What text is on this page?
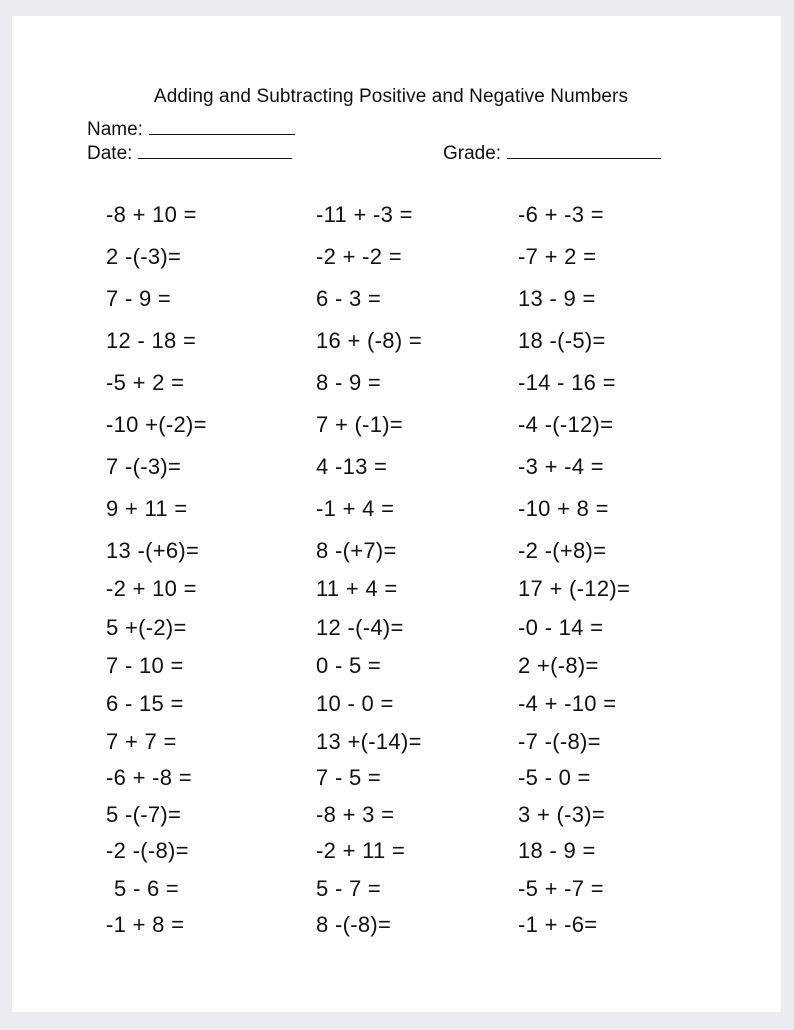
Adding and Subtracting Positive and Negative Numbers
Name:
Date:	Grade:
-8 + 10 =
2 -(-3)=
7 - 9 =
12 - 18 =
-5 + 2 =
-10 +(-2)=
7 -(-3)=
9 + 11 =
13 -(+6)=
-2 + 10 =
5 +(-2)=
7 - 10 =
6 - 15 =
7 + 7 =
-6 + -8 =
5 -(-7)=
-2 -(-8)=
5 - 6 =
-1 + 8 =
-11 + -3 =
-2 + -2 =
6 - 3 =
16 + (-8) =
8 - 9 =
7 + (-1)=
4 -13 =
-1 + 4 =
8 -(+7)=
11 + 4 =
12 -(-4)=
0 - 5 =
10 - 0 =
13 +(-14)=
7 - 5 =
-8 + 3 =
-2 + 11 =
5 - 7 =
8 -(-8)=
-6 + -3 =
-7 + 2 =
13 - 9 =
18 -(-5)=
-14 - 16 =
-4 -(-12)=
-3 + -4 =
-10 + 8 =
-2 -(+8)=
17 + (-12)=
-0 - 14 =
2 +(-8)=
-4 + -10 =
-7 -(-8)=
-5 - 0 =
3 + (-3)=
18 - 9 =
-5 + -7 =
-1 + -6=
